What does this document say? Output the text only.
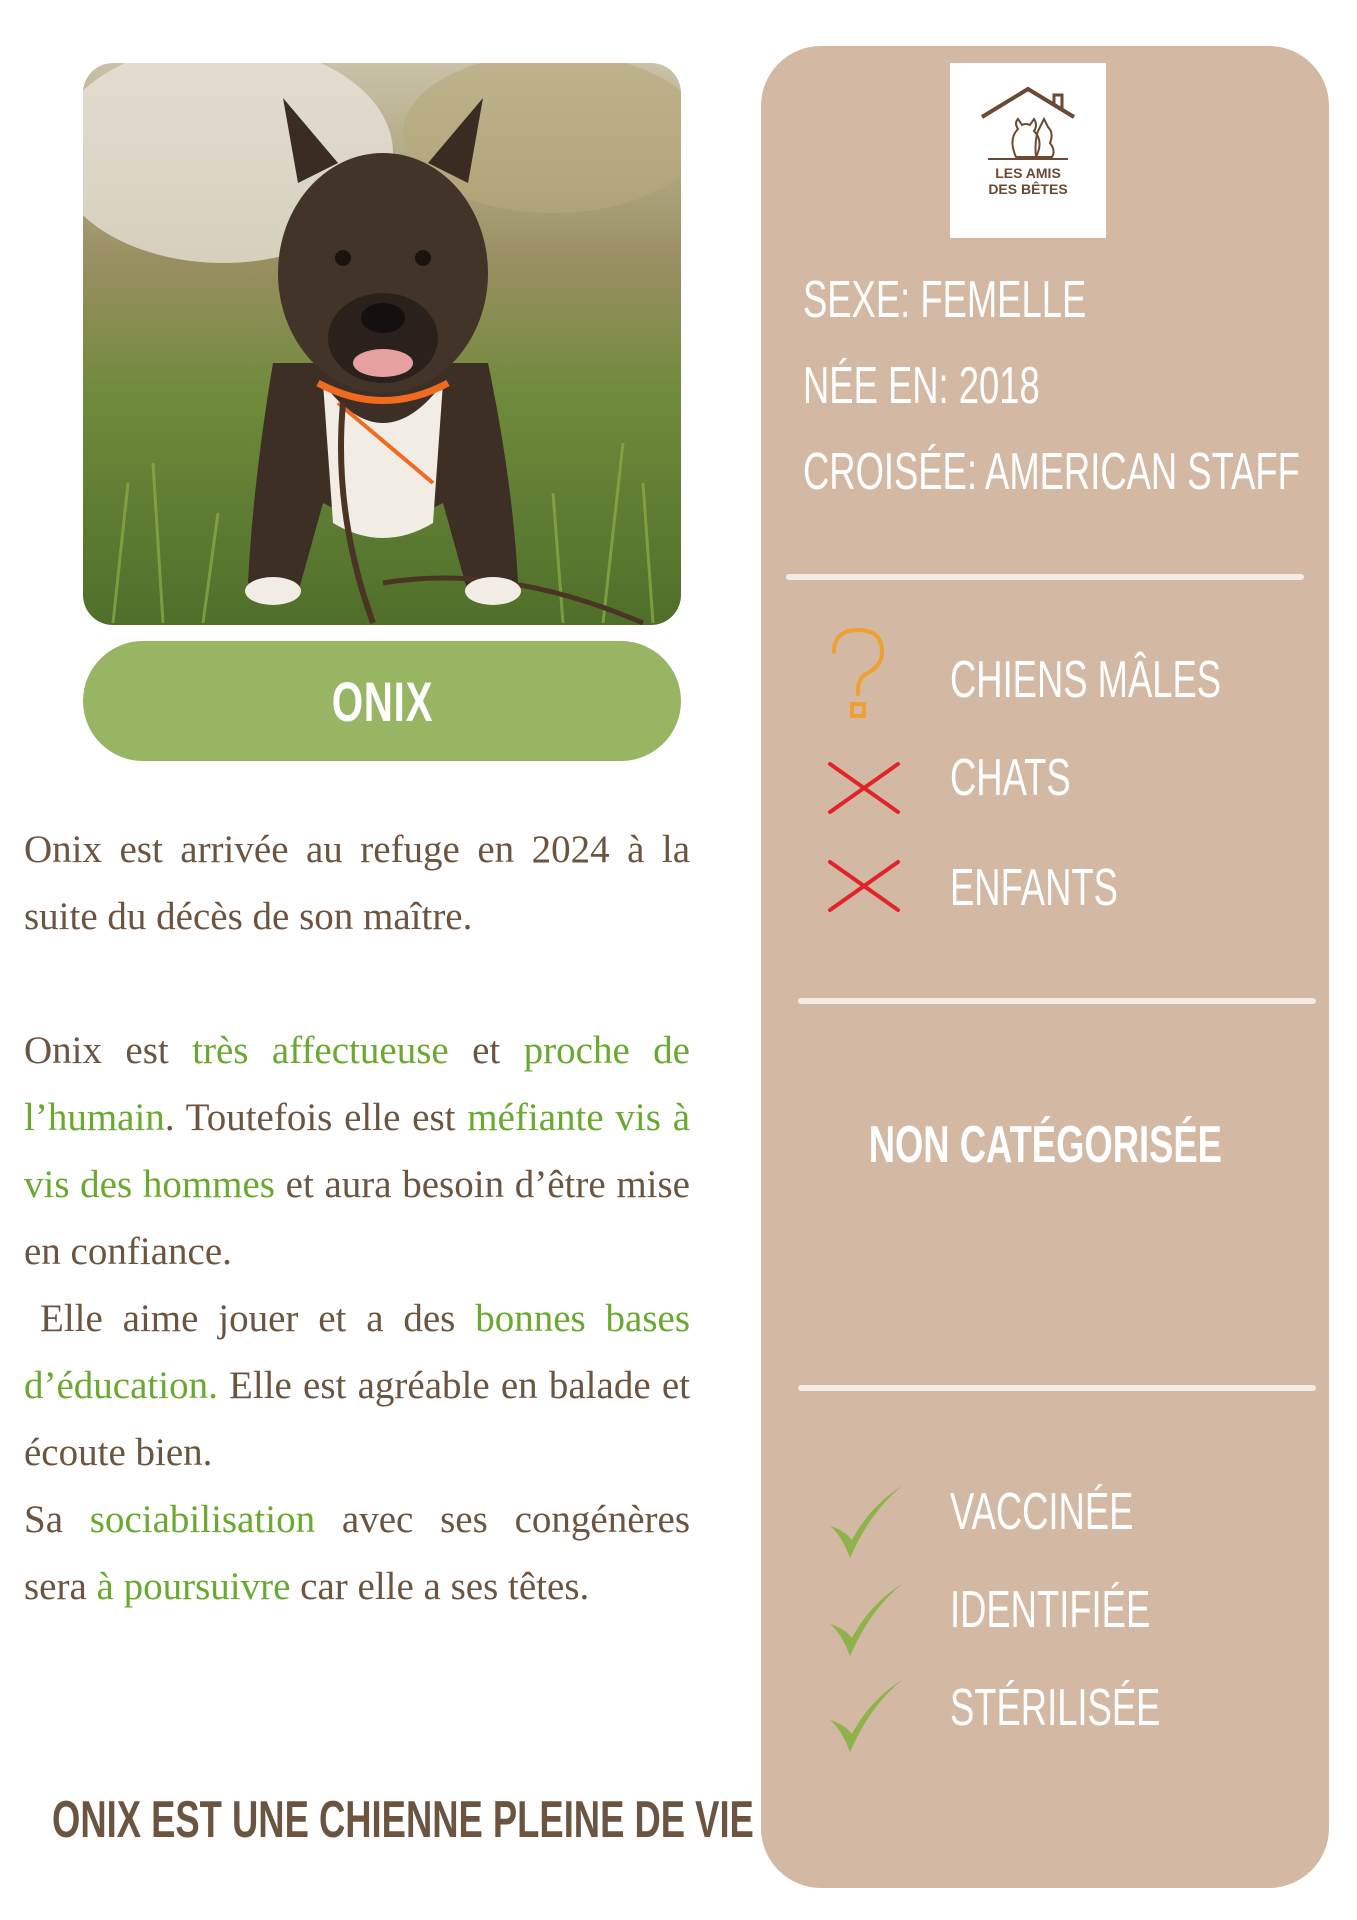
ONIX

Onix est arrivée au refuge en 2024 à la suite du décès de son maître.

Onix est très affectueuse et proche de l’humain. Toutefois elle est méfiante vis à vis des hommes et aura besoin d’être mise en confiance.

Elle aime jouer et a des bonnes bases d’éducation. Elle est agréable en balade et écoute bien.

Sa sociabilisation avec ses congénères sera à poursuivre car elle a ses têtes.

ONIX EST UNE CHIENNE PLEINE DE VIE
LES AMIS
DES BÊTES
SEXE: FEMELLE
NÉE EN: 2018
CROISÉE: AMERICAN STAFF
CHIENS MÂLES
CHATS
ENFANTS
NON CATÉGORISÉE
VACCINÉE
IDENTIFIÉE
STÉRILISÉE
